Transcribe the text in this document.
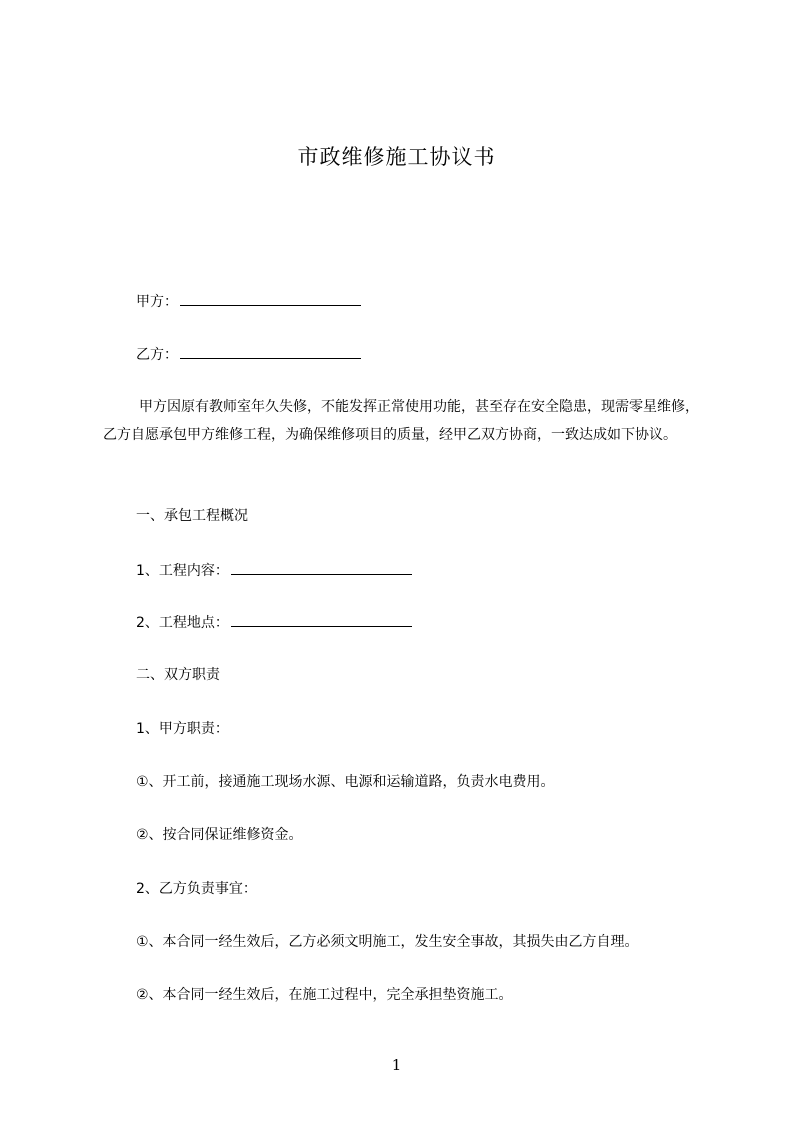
市政维修施工协议书
甲方：
乙方：
甲方因原有教师室年久失修，不能发挥正常使用功能，甚至存在安全隐患，现需零星维修，乙方自愿承包甲方维修工程，为确保维修项目的质量，经甲乙双方协商，一致达成如下协议。
一、承包工程概况
1、工程内容：
2、工程地点：
二、双方职责
1、甲方职责：
①、开工前，接通施工现场水源、电源和运输道路，负责水电费用。
②、按合同保证维修资金。
2、乙方负责事宜：
①、本合同一经生效后，乙方必须文明施工，发生安全事故，其损失由乙方自理。
②、本合同一经生效后，在施工过程中，完全承担垫资施工。
1
